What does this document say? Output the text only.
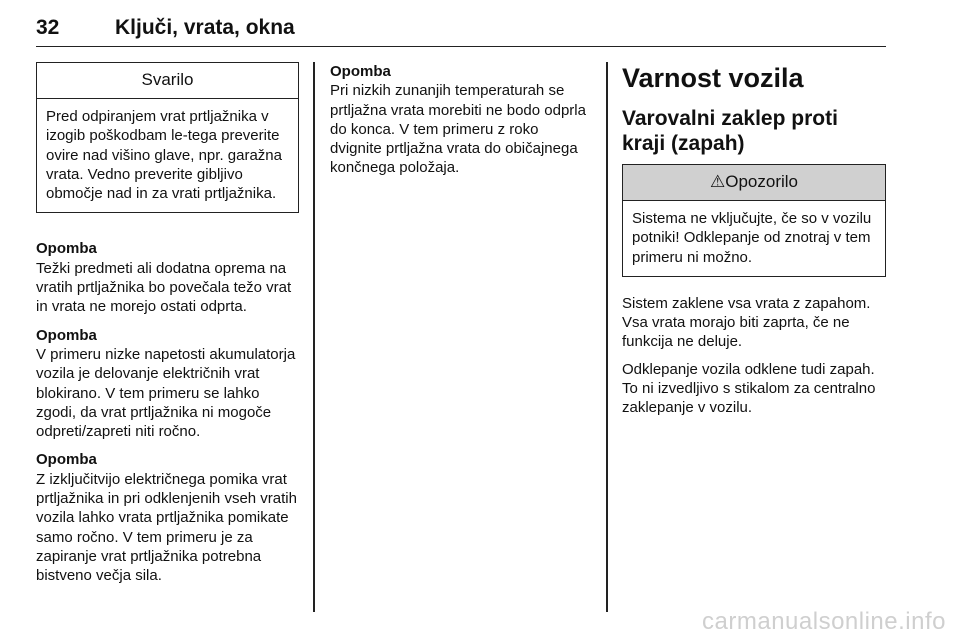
32	Ključi, vrata, okna
Svarilo
Pred odpiranjem vrat prtljažnika v izogib poškodbam le-tega preverite ovire nad višino glave, npr. garažna vrata. Vedno preverite gibljivo območje nad in za vrati prtljažnika.
Opomba
Težki predmeti ali dodatna oprema na vratih prtljažnika bo povečala težo vrat in vrata ne morejo ostati odprta.
Opomba
V primeru nizke napetosti akumulatorja vozila je delovanje električnih vrat blokirano. V tem primeru se lahko zgodi, da vrat prtljažnika ni mogoče odpreti/zapreti niti ročno.
Opomba
Z izključitvijo električnega pomika vrat prtljažnika in pri odklenjenih vseh vratih vozila lahko vrata prtljažnika pomikate samo ročno. V tem primeru je za zapiranje vrat prtljažnika potrebna bistveno večja sila.
Opomba
Pri nizkih zunanjih temperaturah se prtljažna vrata morebiti ne bodo odprla do konca. V tem primeru z roko dvignite prtljažna vrata do običajnega končnega položaja.
Varnost vozila
Varovalni zaklep proti kraji (zapah)
⚠Opozorilo
Sistema ne vključujte, če so v vozilu potniki! Odklepanje od znotraj v tem primeru ni možno.
Sistem zaklene vsa vrata z zapahom. Vsa vrata morajo biti zaprta, če ne funkcija ne deluje.
Odklepanje vozila odklene tudi zapah. To ni izvedljivo s stikalom za centralno zaklepanje v vozilu.
carmanualsonline.info
